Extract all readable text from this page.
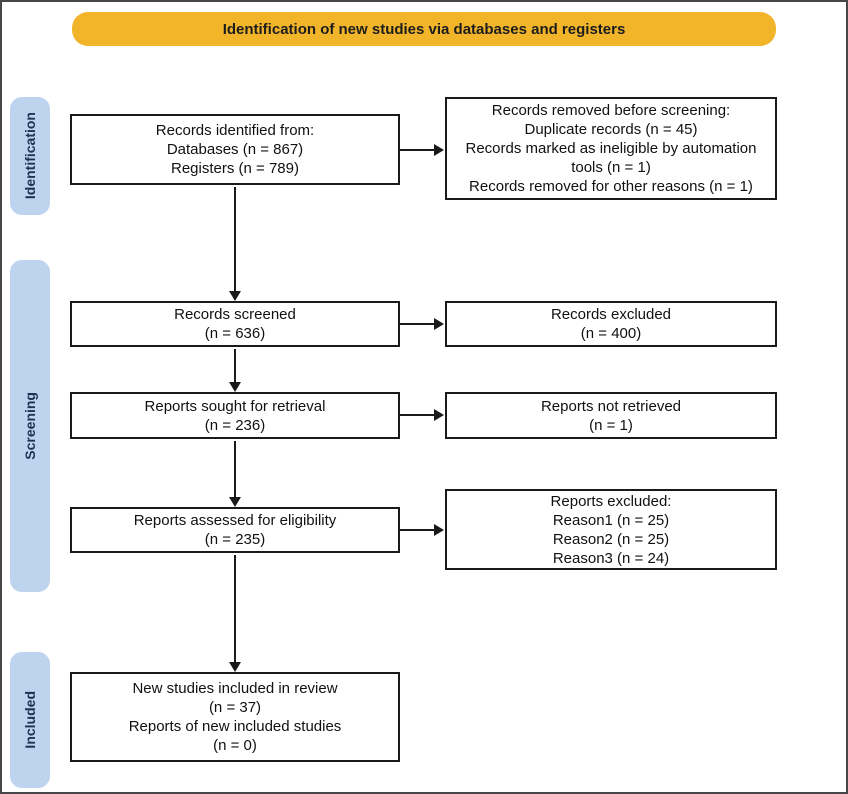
Identification of new studies via databases and registers
Identification
Screening
Included
Records identified from:
Databases (n = 867)
Registers (n = 789)
Records removed before screening:
Duplicate records (n = 45)
Records marked as ineligible by automation tools (n = 1)
Records removed for other reasons (n = 1)
Records screened
(n = 636)
Records excluded
(n = 400)
Reports sought for retrieval
(n = 236)
Reports not retrieved
(n = 1)
Reports assessed for eligibility
(n = 235)
Reports excluded:
Reason1 (n = 25)
Reason2 (n = 25)
Reason3 (n = 24)
New studies included in review
(n = 37)
Reports of new included studies
(n = 0)
